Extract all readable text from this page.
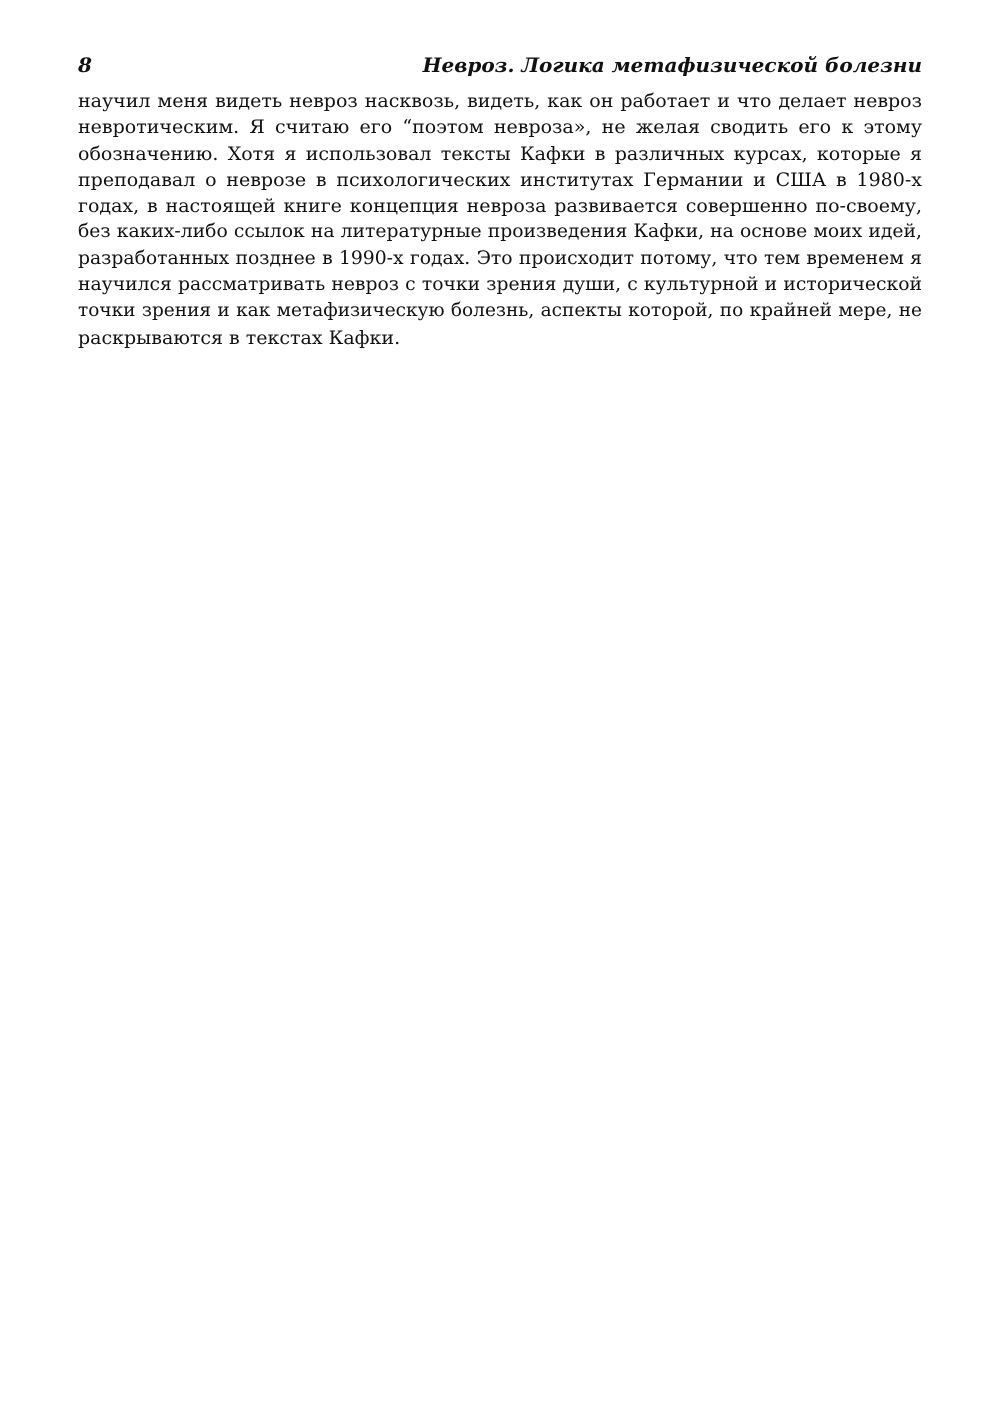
8	Невроз. Логика метафизической болезни
научил меня видеть невроз насквозь, видеть, как он работает и что делает невроз
невротическим. Я считаю его “поэтом невроза», не желая сводить его к этому
обозначению. Хотя я использовал тексты Кафки в различных курсах, которые я
преподавал о неврозе в психологических институтах Германии и США в 1980-х
годах, в настоящей книге концепция невроза развивается совершенно по-своему,
без каких-либо ссылок на литературные произведения Кафки, на основе моих идей,
разработанных позднее в 1990-х годах. Это происходит потому, что тем временем я
научился рассматривать невроз с точки зрения души, с культурной и исторической
точки зрения и как метафизическую болезнь, аспекты которой, по крайней мере, не
раскрываются в текстах Кафки.
